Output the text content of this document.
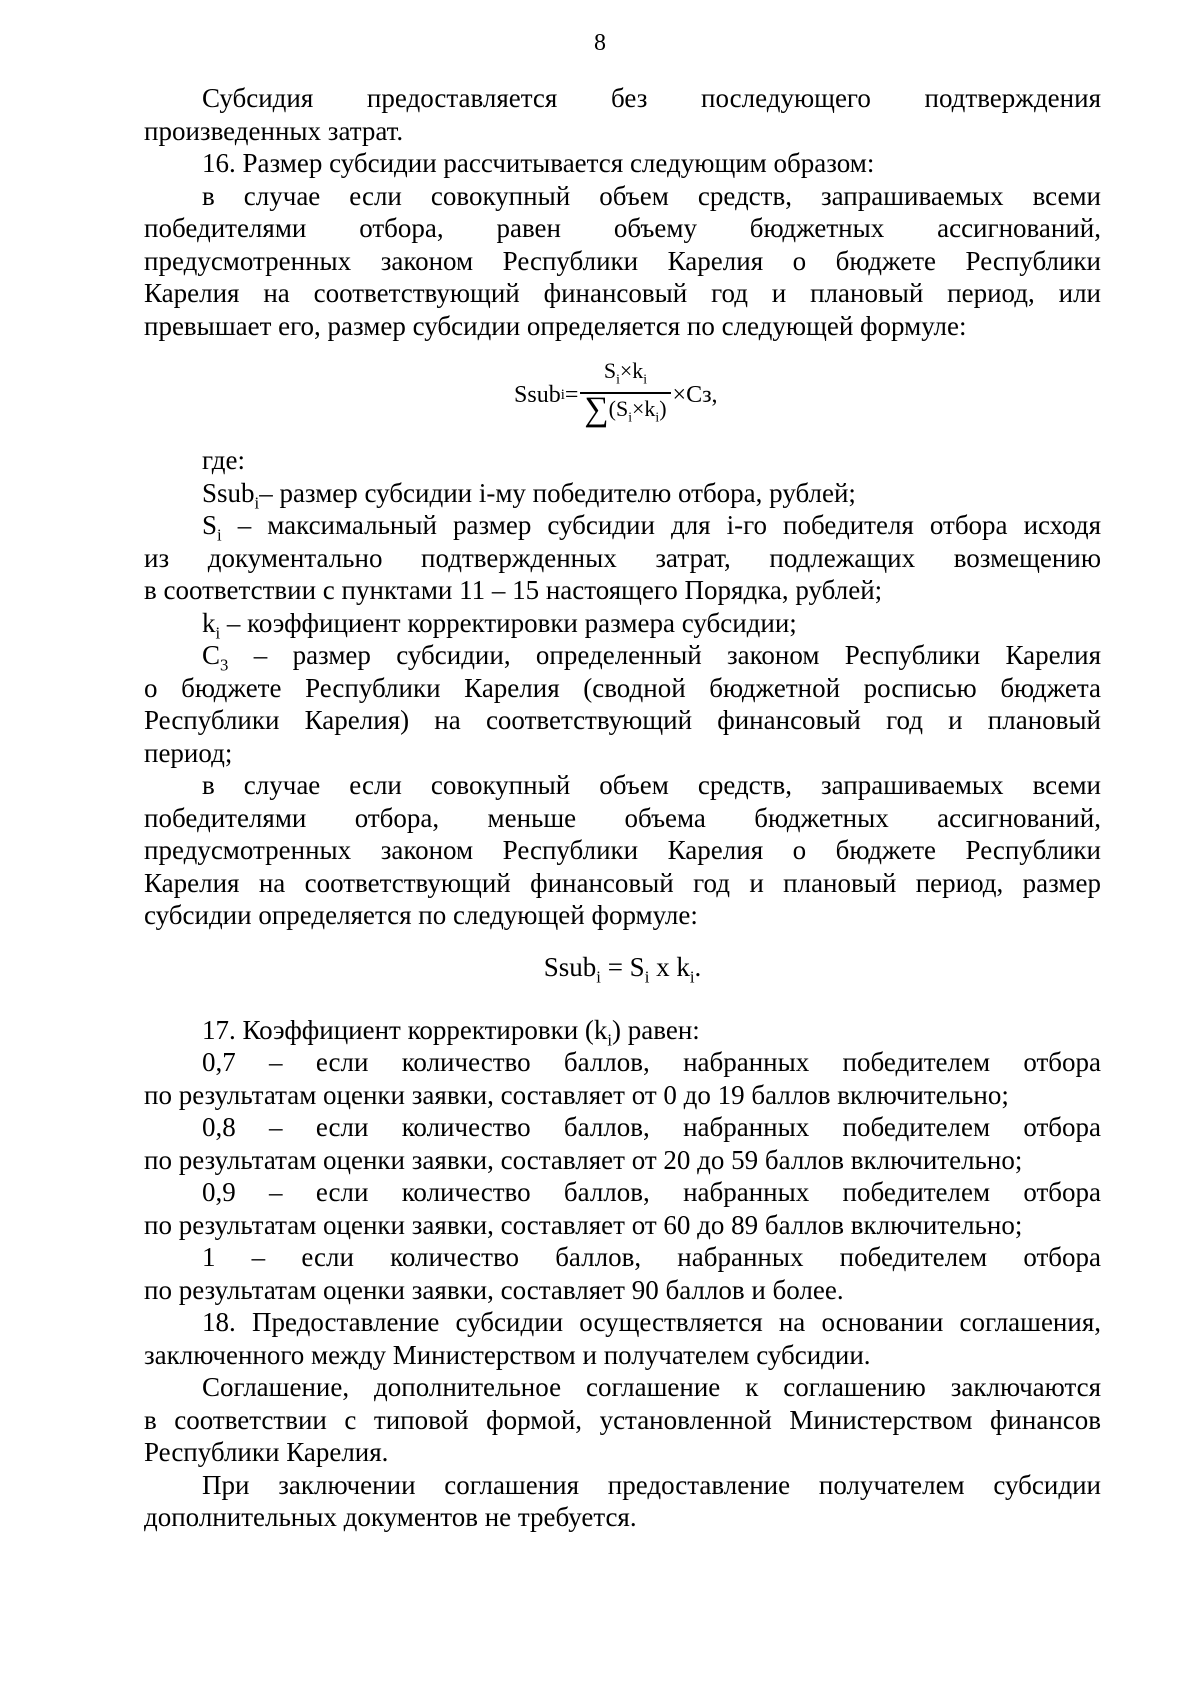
8
Субсидия предоставляется без последующего подтверждения
произведенных затрат.
16. Размер субсидии рассчитывается следующим образом:
в случае если совокупный объем средств, запрашиваемых всеми
победителями отбора, равен объему бюджетных ассигнований,
предусмотренных законом Республики Карелия о бюджете Республики
Карелия на соответствующий финансовый год и плановый период, или
превышает его, размер субсидии определяется по следующей формуле:
Ssub $i = \frac{S_i\times k_i}{\sum(S_i\times k_i)} \times Сз$,
где:
Ssub$_i$– размер субсидии i-му победителю отбора, рублей;
$S_i$ – максимальный размер субсидии для i-го победителя отбора исходя
из документально подтвержденных затрат, подлежащих возмещению
в соответствии с пунктами 11 – 15 настоящего Порядка, рублей;
$k_i$ – коэффициент корректировки размера субсидии;
$С_3$ – размер субсидии, определенный законом Республики Карелия
о бюджете Республики Карелия (сводной бюджетной росписью бюджета
Республики Карелия) на соответствующий финансовый год и плановый
период;
в случае если совокупный объем средств, запрашиваемых всеми
победителями отбора, меньше объема бюджетных ассигнований,
предусмотренных законом Республики Карелия о бюджете Республики
Карелия на соответствующий финансовый год и плановый период, размер
субсидии определяется по следующей формуле:
Ssub$_i$ = $S_i$ x $k_i$.
17. Коэффициент корректировки $(k_i)$ равен:
0,7 – если количество баллов, набранных победителем отбора
по результатам оценки заявки, составляет от 0 до 19 баллов включительно;
0,8 – если количество баллов, набранных победителем отбора
по результатам оценки заявки, составляет от 20 до 59 баллов включительно;
0,9 – если количество баллов, набранных победителем отбора
по результатам оценки заявки, составляет от 60 до 89 баллов включительно;
1 – если количество баллов, набранных победителем отбора
по результатам оценки заявки, составляет 90 баллов и более.
18. Предоставление субсидии осуществляется на основании соглашения,
заключенного между Министерством и получателем субсидии.
Соглашение, дополнительное соглашение к соглашению заключаются
в соответствии с типовой формой, установленной Министерством финансов
Республики Карелия.
При заключении соглашения предоставление получателем субсидии
дополнительных документов не требуется.
